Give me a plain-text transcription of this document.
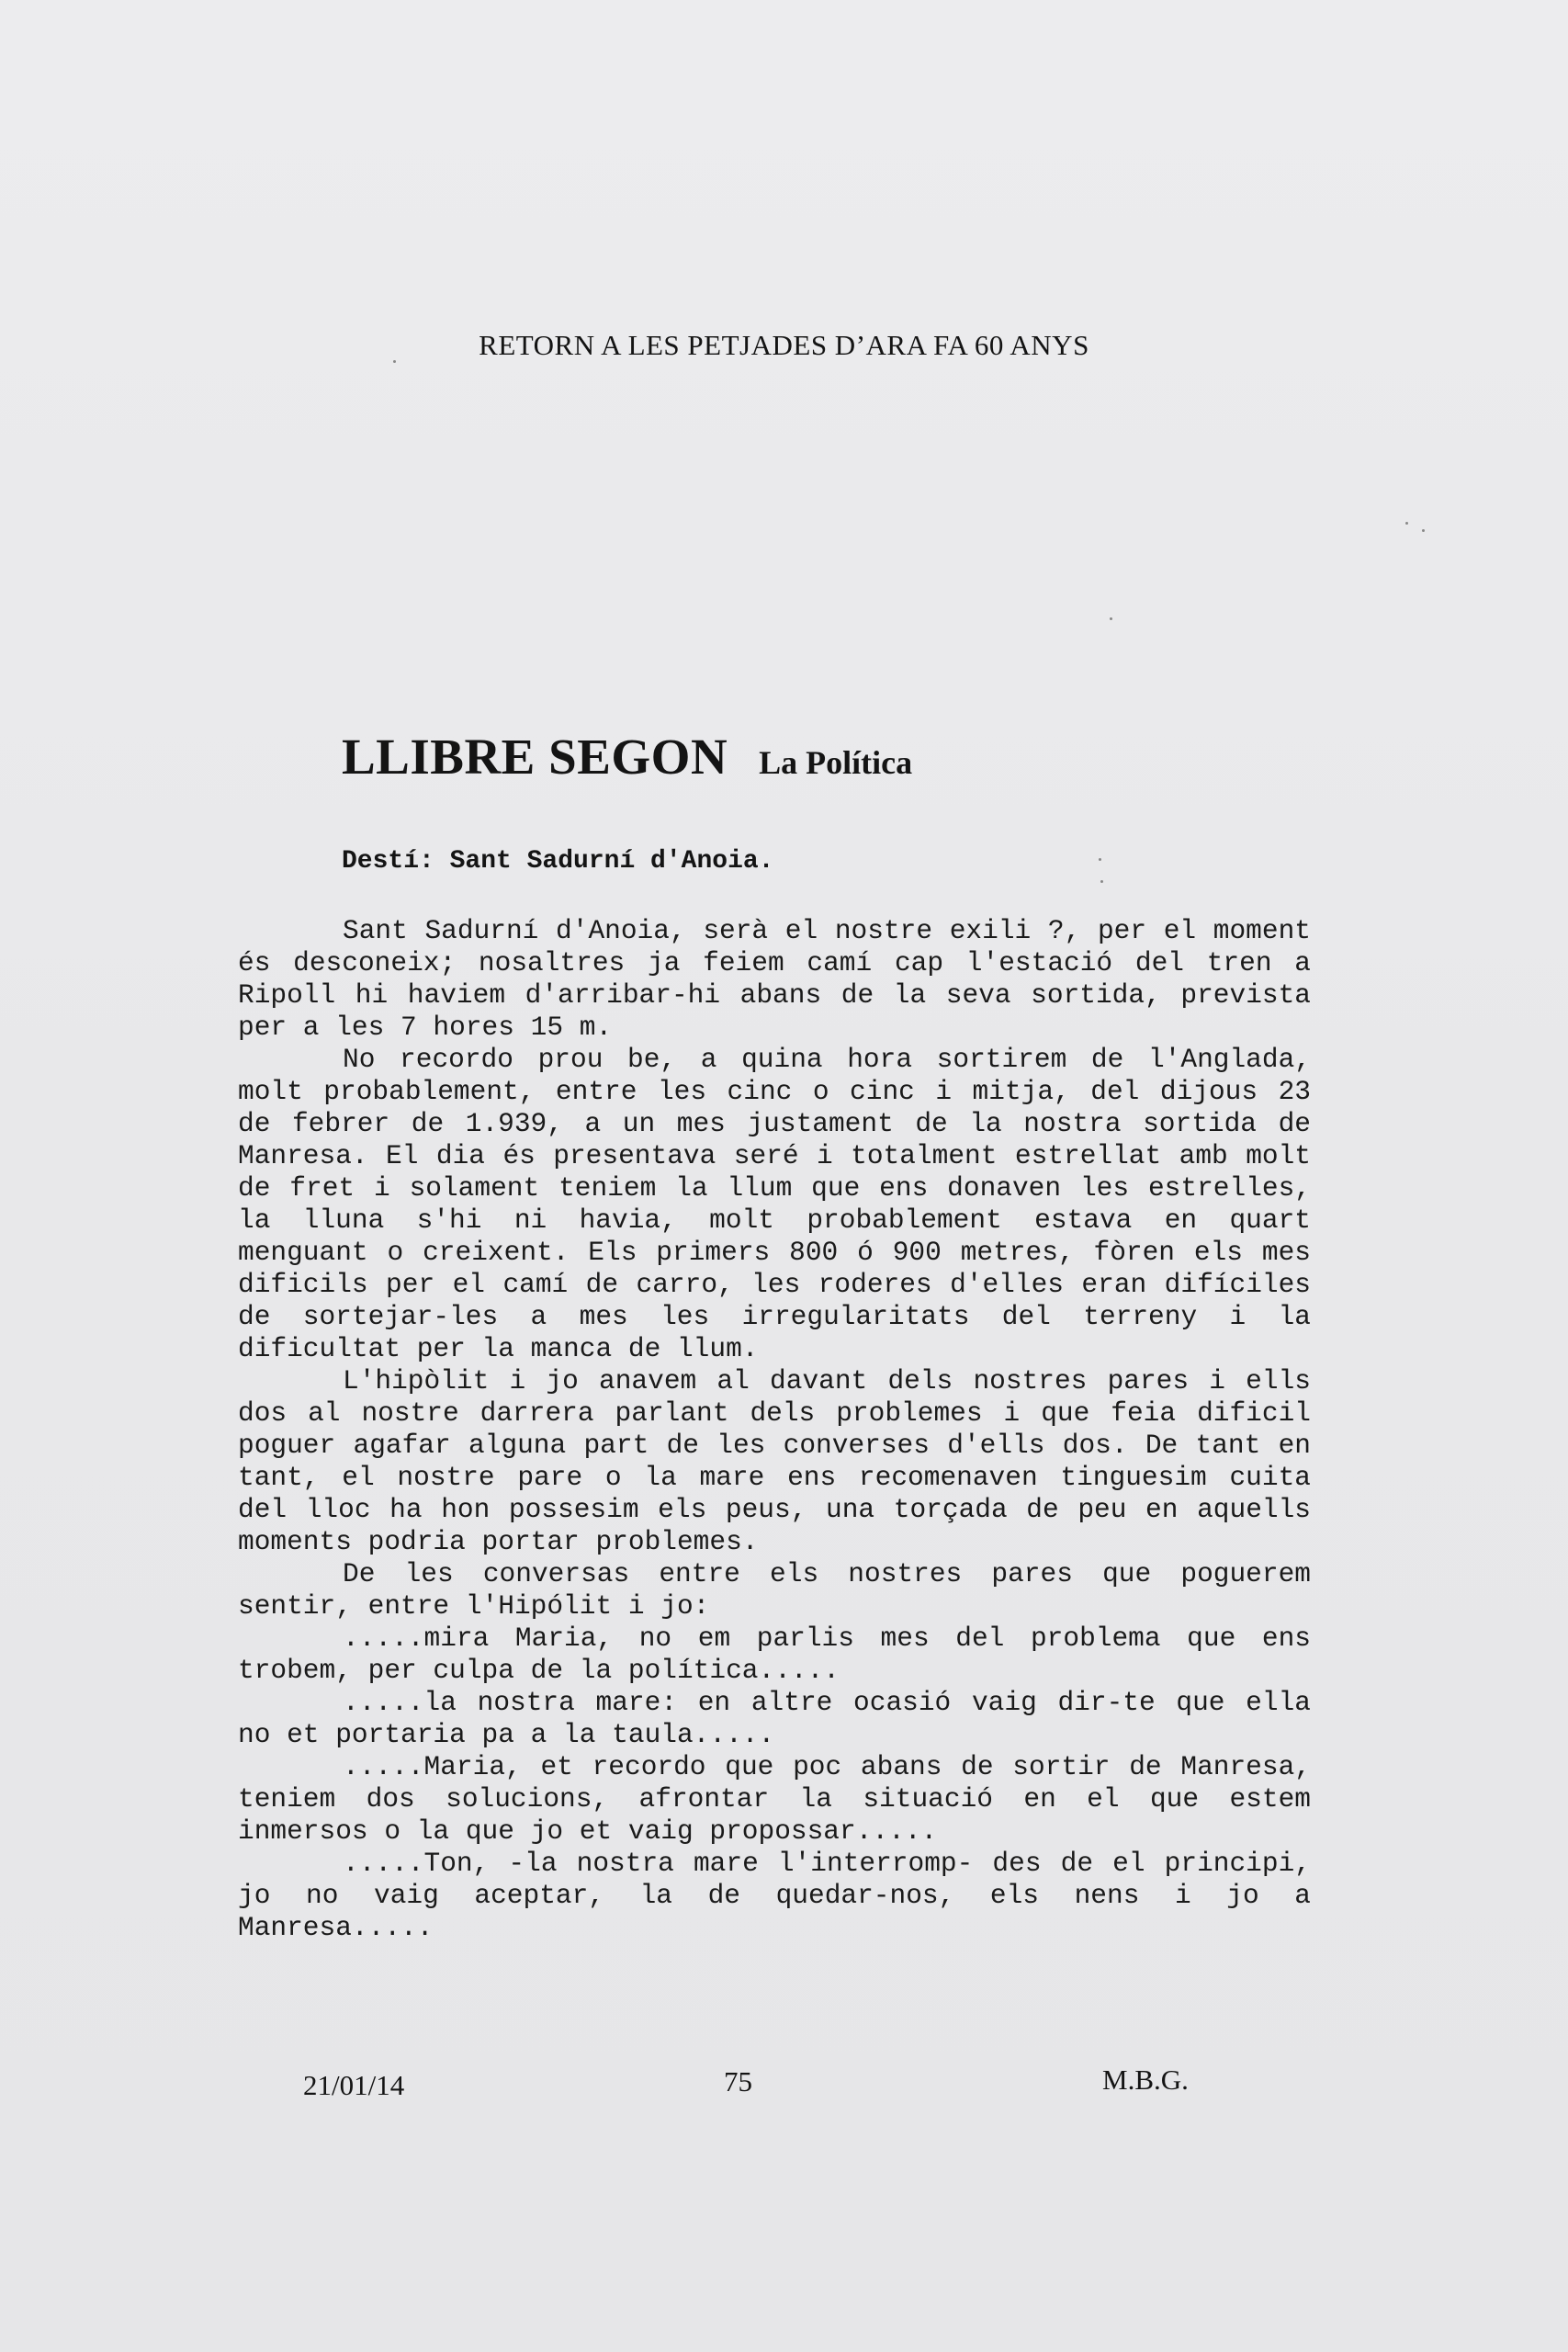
RETORN A LES PETJADES D’ARA FA 60 ANYS
LLIBRE SEGON La Política
Destí: Sant Sadurní d'Anoia.

Sant Sadurní d'Anoia, serà el nostre exili ?, per el moment és desconeix; nosaltres ja feiem camí cap l'estació del tren a Ripoll hi haviem d'arribar-hi abans de la seva sortida, prevista per a les 7 hores 15 m.

No recordo prou be, a quina hora sortirem de l'Anglada, molt probablement, entre les cinc o cinc i mitja, del dijous 23 de febrer de 1.939, a un mes justament de la nostra sortida de Manresa. El dia és presentava seré i totalment estrellat amb molt de fret i solament teniem la llum que ens donaven les estrelles, la lluna s'hi ni havia, molt probablement estava en quart menguant o creixent. Els primers 800 ó 900 metres, fòren els mes dificils per el camí de carro, les roderes d'elles eran difíciles de sortejar-les a mes les irregularitats del terreny i la dificultat per la manca de llum.

L'hipòlit i jo anavem al davant dels nostres pares i ells dos al nostre darrera parlant dels problemes i que feia dificil poguer agafar alguna part de les converses d'ells dos. De tant en tant, el nostre pare o la mare ens recomenaven tinguesim cuita del lloc ha hon possesim els peus, una torçada de peu en aquells moments podria portar problemes.

De les conversas entre els nostres pares que poguerem sentir, entre l'Hipólit i jo:

.....mira Maria, no em parlis mes del problema que ens trobem, per culpa de la política.....

.....la nostra mare: en altre ocasió vaig dir-te que ella no et portaria pa a la taula.....

.....Maria, et recordo que poc abans de sortir de Manresa, teniem dos solucions, afrontar la situació en el que estem inmersos o la que jo et vaig propossar.....

.....Ton, -la nostra mare l'interromp- des de el principi, jo no vaig aceptar, la de quedar-nos, els nens i jo a Manresa.....

21/01/14	75	M.B.G.
